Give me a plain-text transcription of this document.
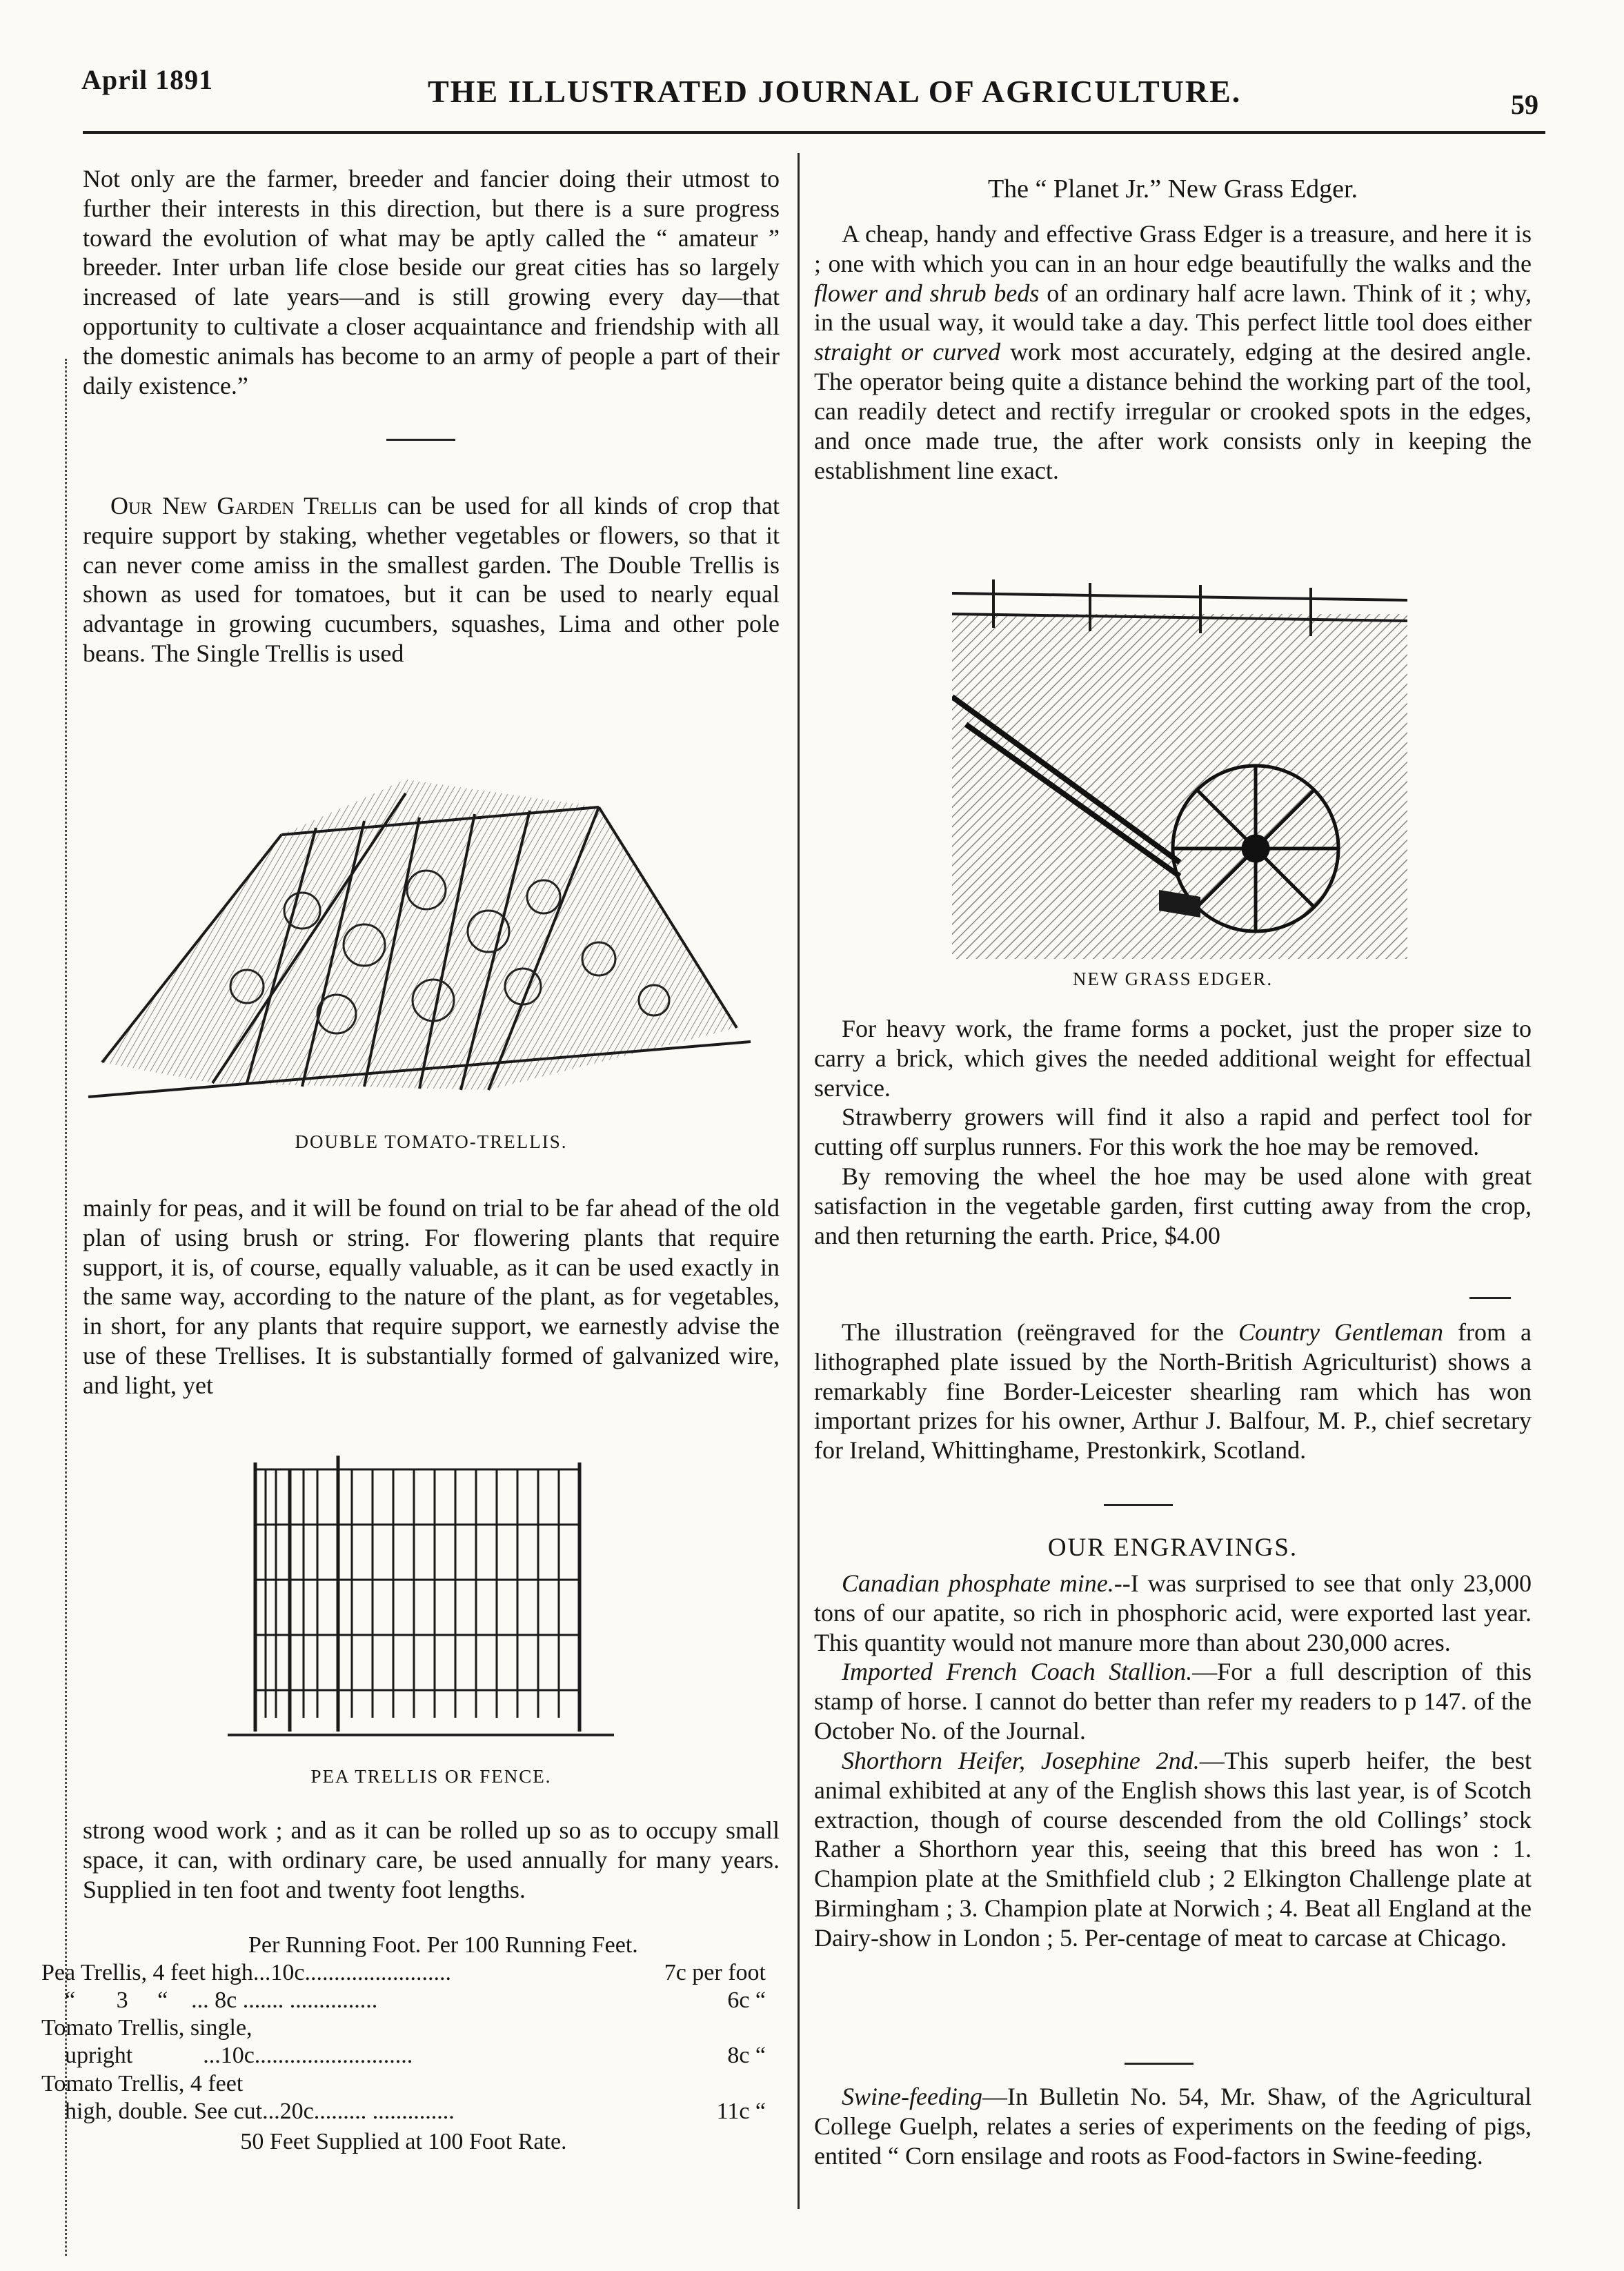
April 1891	THE ILLUSTRATED JOURNAL OF AGRICULTURE.	59

Not only are the farmer, breeder and fancier doing their utmost to further their interests in this direction, but there is a sure progress toward the evolution of what may be aptly called the “ amateur ” breeder. Inter urban life close beside our great cities has so largely increased of late years—and is still growing every day—that opportunity to cultivate a closer acquaintance and friendship with all the domestic animals has become to an army of people a part of their daily existence.”

Our New Garden Trellis can be used for all kinds of crop that require support by staking, whether vegetables or flowers, so that it can never come amiss in the smallest garden. The Double Trellis is shown as used for tomatoes, but it can be used to nearly equal advantage in growing cucumbers, squashes, Lima and other pole beans. The Single Trellis is used

DOUBLE TOMATO-TRELLIS.

mainly for peas, and it will be found on trial to be far ahead of the old plan of using brush or string. For flowering plants that require support, it is, of course, equally valuable, as it can be used exactly in the same way, according to the nature of the plant, as for vegetables, in short, for any plants that require support, we earnestly advise the use of these Trellises. It is substantially formed of galvanized wire, and light, yet

PEA TRELLIS OR FENCE.

strong wood work ; and as it can be rolled up so as to occupy small space, it can, with ordinary care, be used annually for many years. Supplied in ten foot and twenty foot lengths.

Per Running Foot. Per 100 Running Feet.
Pea Trellis, 4 feet high...10c.........................	7c per foot
“       3     “    ... 8c ....... ...............	6c “
Tomato Trellis, single,
upright            ...10c...........................	8c “
Tomato Trellis, 4 feet
high, double. See cut...20c......... ..............	11c “
50 Feet Supplied at 100 Foot Rate.
The “ Planet Jr.” New Grass Edger.

A cheap, handy and effective Grass Edger is a treasure, and here it is ; one with which you can in an hour edge beautifully the walks and the flower and shrub beds of an ordinary half acre lawn. Think of it ; why, in the usual way, it would take a day. This perfect little tool does either straight or curved work most accurately, edging at the desired angle. The operator being quite a distance behind the working part of the tool, can readily detect and rectify irregular or crooked spots in the edges, and once made true, the after work consists only in keeping the establishment line exact.

NEW GRASS EDGER.

For heavy work, the frame forms a pocket, just the proper size to carry a brick, which gives the needed additional weight for effectual service.

Strawberry growers will find it also a rapid and perfect tool for cutting off surplus runners. For this work the hoe may be removed.

By removing the wheel the hoe may be used alone with great satisfaction in the vegetable garden, first cutting away from the crop, and then returning the earth. Price, $4.00

The illustration (reëngraved for the Country Gentleman from a lithographed plate issued by the North-British Agriculturist) shows a remarkably fine Border-Leicester shearling ram which has won important prizes for his owner, Arthur J. Balfour, M. P., chief secretary for Ireland, Whittinghame, Prestonkirk, Scotland.

OUR ENGRAVINGS.

Canadian phosphate mine.--I was surprised to see that only 23,000 tons of our apatite, so rich in phosphoric acid, were exported last year. This quantity would not manure more than about 230,000 acres.

Imported French Coach Stallion.—For a full description of this stamp of horse. I cannot do better than refer my readers to p 147. of the October No. of the Journal.

Shorthorn Heifer, Josephine 2nd.—This superb heifer, the best animal exhibited at any of the English shows this last year, is of Scotch extraction, though of course descended from the old Collings’ stock Rather a Shorthorn year this, seeing that this breed has won : 1. Champion plate at the Smithfield club ; 2 Elkington Challenge plate at Birmingham ; 3. Champion plate at Norwich ; 4. Beat all England at the Dairy-show in London ; 5. Per-centage of meat to carcase at Chicago.

Swine-feeding—In Bulletin No. 54, Mr. Shaw, of the Agricultural College Guelph, relates a series of experiments on the feeding of pigs, entited “ Corn ensilage and roots as Food-factors in Swine-feeding.
